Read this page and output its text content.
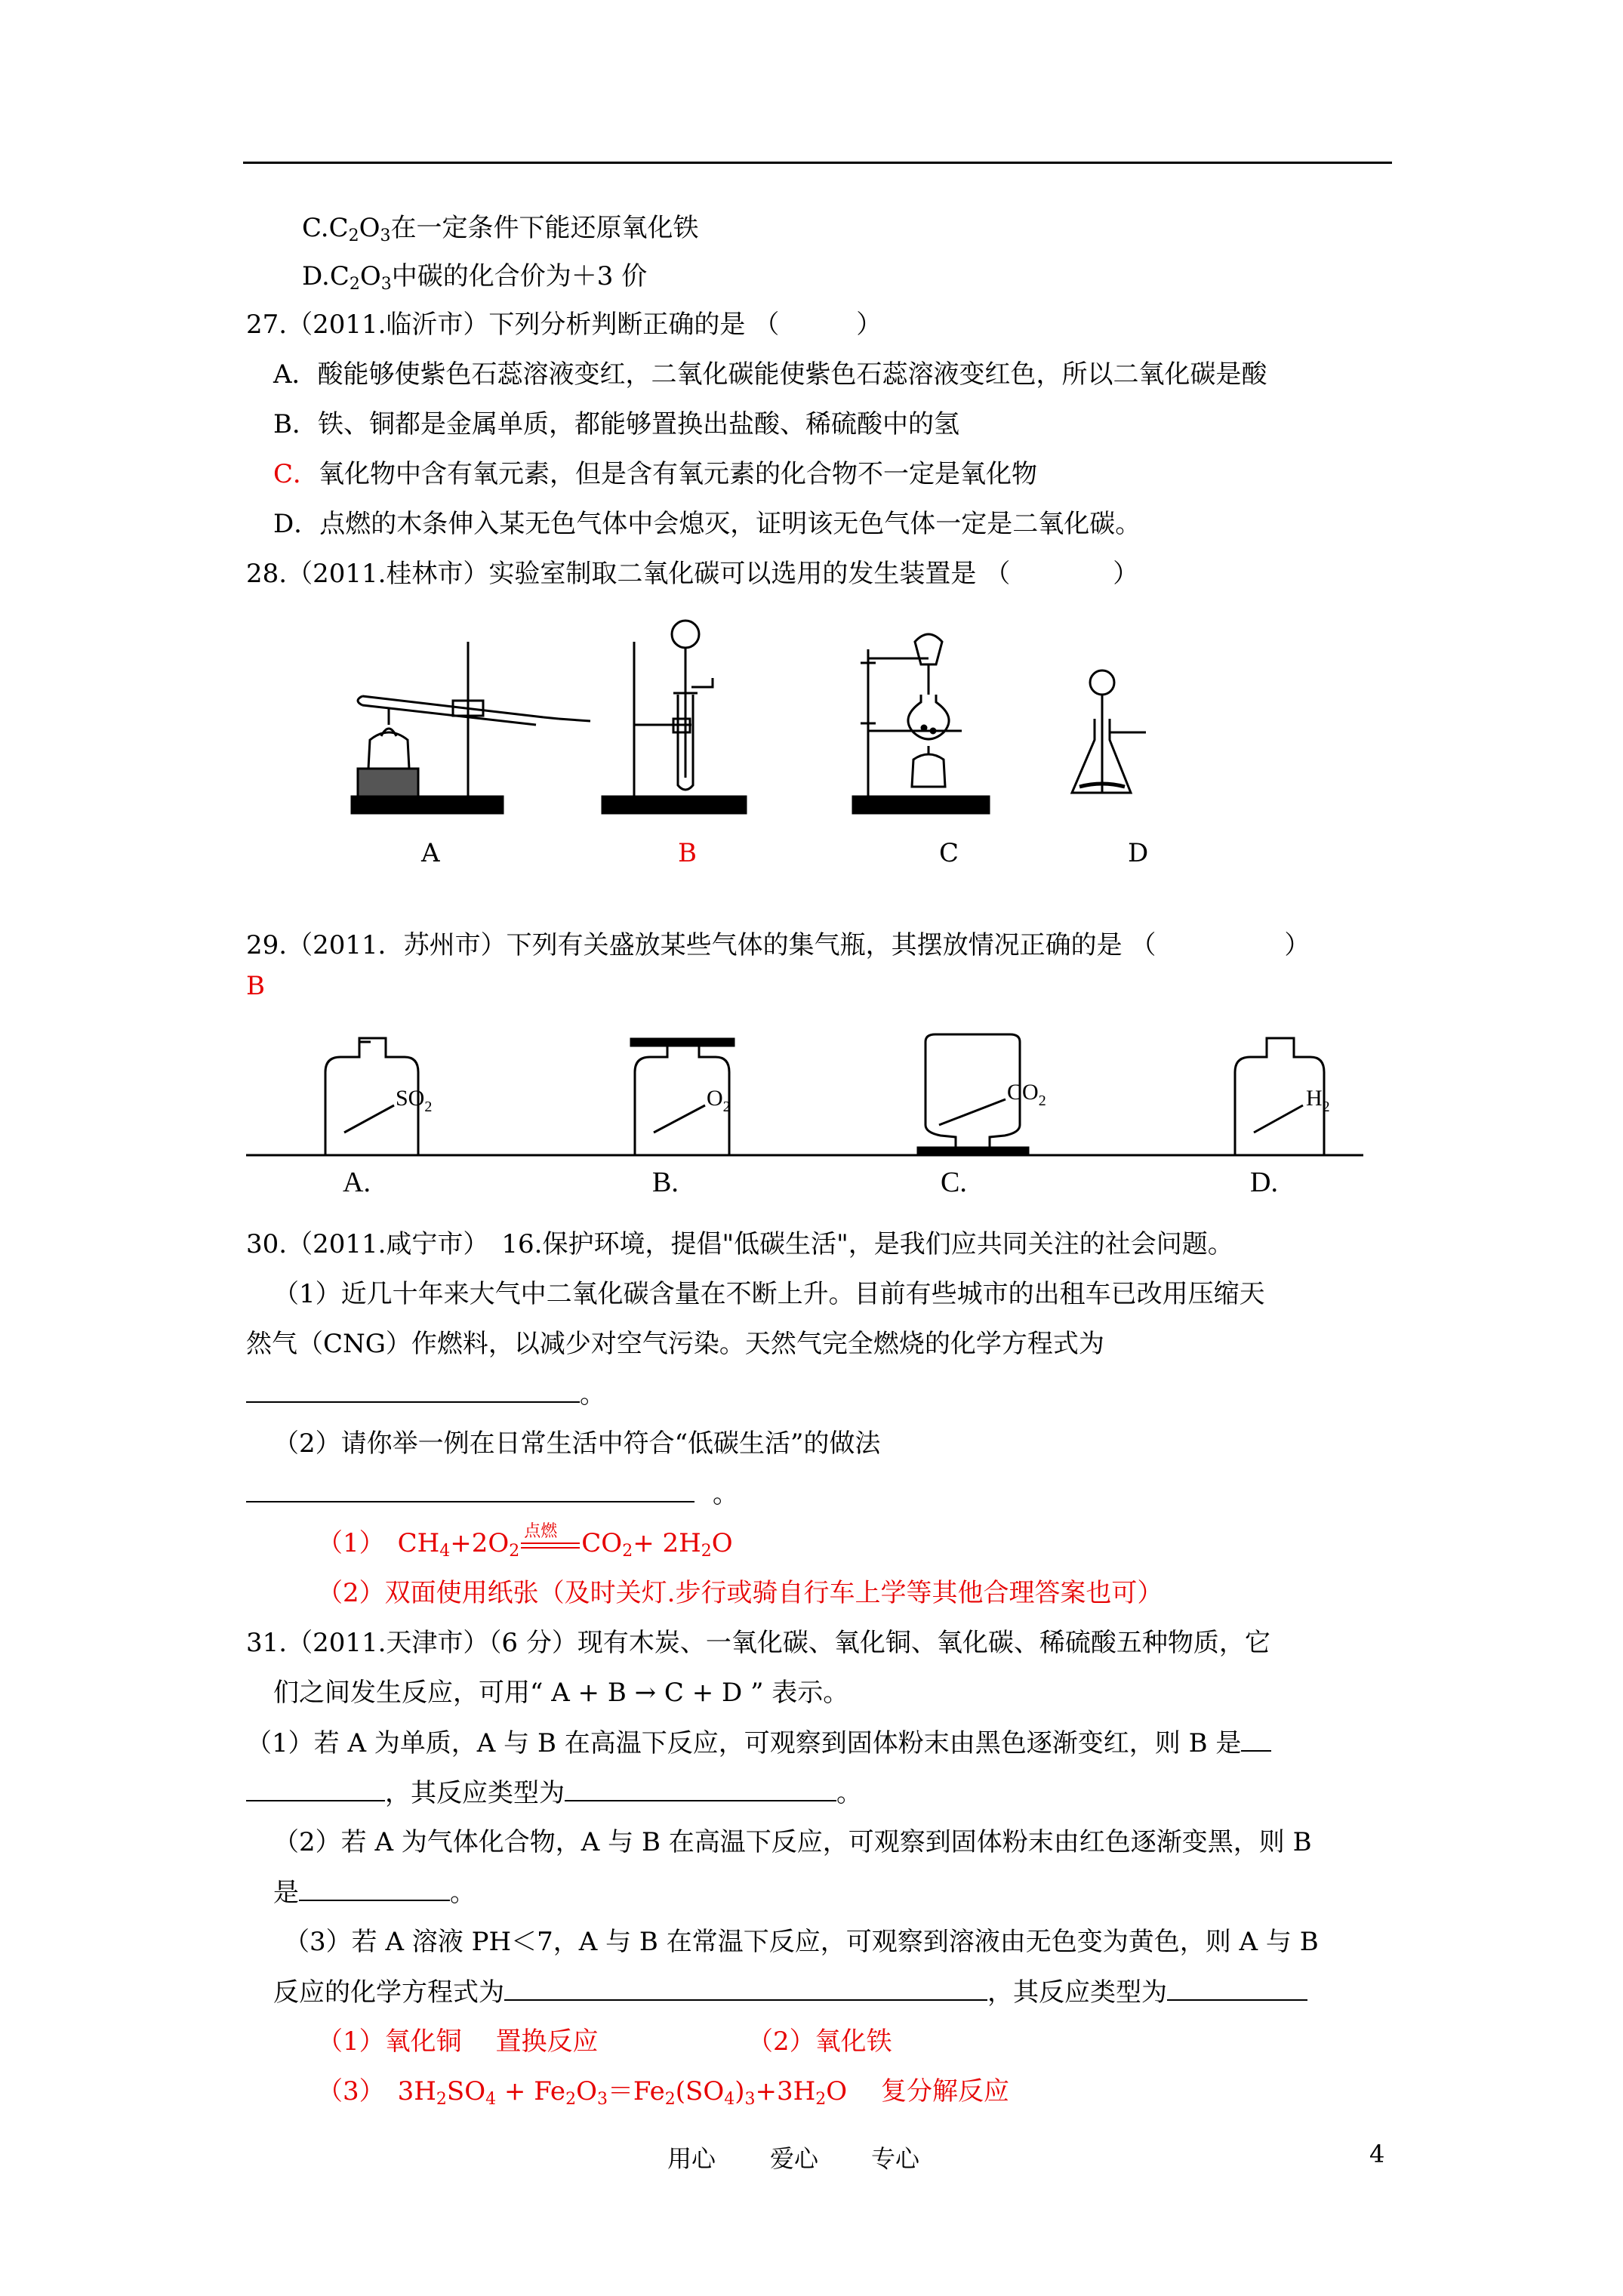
$C.C_2O_3$在一定条件下能还原氧化铁
$D.C_2O_3$中碳的化合价为＋3 价
27.（2011.临沂市）下列分析判断正确的是 （　　　）
A．酸能够使紫色石蕊溶液变红，二氧化碳能使紫色石蕊溶液变红色，所以二氧化碳是酸
B．铁、铜都是金属单质，都能够置换出盐酸、稀硫酸中的氢
C．氧化物中含有氧元素，但是含有氧元素的化合物不一定是氧化物
D．点燃的木条伸入某无色气体中会熄灭，证明该无色气体一定是二氧化碳。
28.（2011.桂林市）实验室制取二氧化碳可以选用的发生装置是 （　　　　）
A	B	C	D
29.（2011．苏州市）下列有关盛放某些气体的集气瓶，其摆放情况正确的是 （　　　　　）
B
$SO_2$	$O_2$
$CO_2$	$H_2$
A.	B.	C.	D.
30.（2011.咸宁市）　16.保护环境，提倡"低碳生活"，是我们应共同关注的社会问题。
（1）近几十年来大气中二氧化碳含量在不断上升。目前有些城市的出租车已改用压缩天
然气（CNG）作燃料，以减少对空气污染。天然气完全燃烧的化学方程式为
。
（2）请你举一例在日常生活中符合“低碳生活”的做法
。
（1）　$CH_4+2O_2$
点燃 $CO_2+ 2H_2O$
（2）双面使用纸张（及时关灯.步行或骑自行车上学等其他合理答案也可）
31.（2011.天津市）（6 分）现有木炭、一氧化碳、氧化铜、氧化碳、稀硫酸五种物质，它
们之间发生反应，可用“ A + B → C + D ” 表示。
（1）若 A 为单质，A 与 B 在高温下反应，可观察到固体粉末由黑色逐渐变红，则 B 是
，其反应类型为	。
（2）若 A 为气体化合物，A 与 B 在高温下反应，可观察到固体粉末由红色逐渐变黑，则 B
是	。
（3）若 A 溶液 PH＜7，A 与 B 在常温下反应，可观察到溶液由无色变为黄色，则 A 与 B
反应的化学方程式为	，其反应类型为
（1）氧化铜　 置换反应	（2）氧化铁
（3）　$3H_2SO_4 + Fe_2O_3=Fe_2(SO_4)_3+3H_2O$　 复分解反应
用心 爱心 专心	4
